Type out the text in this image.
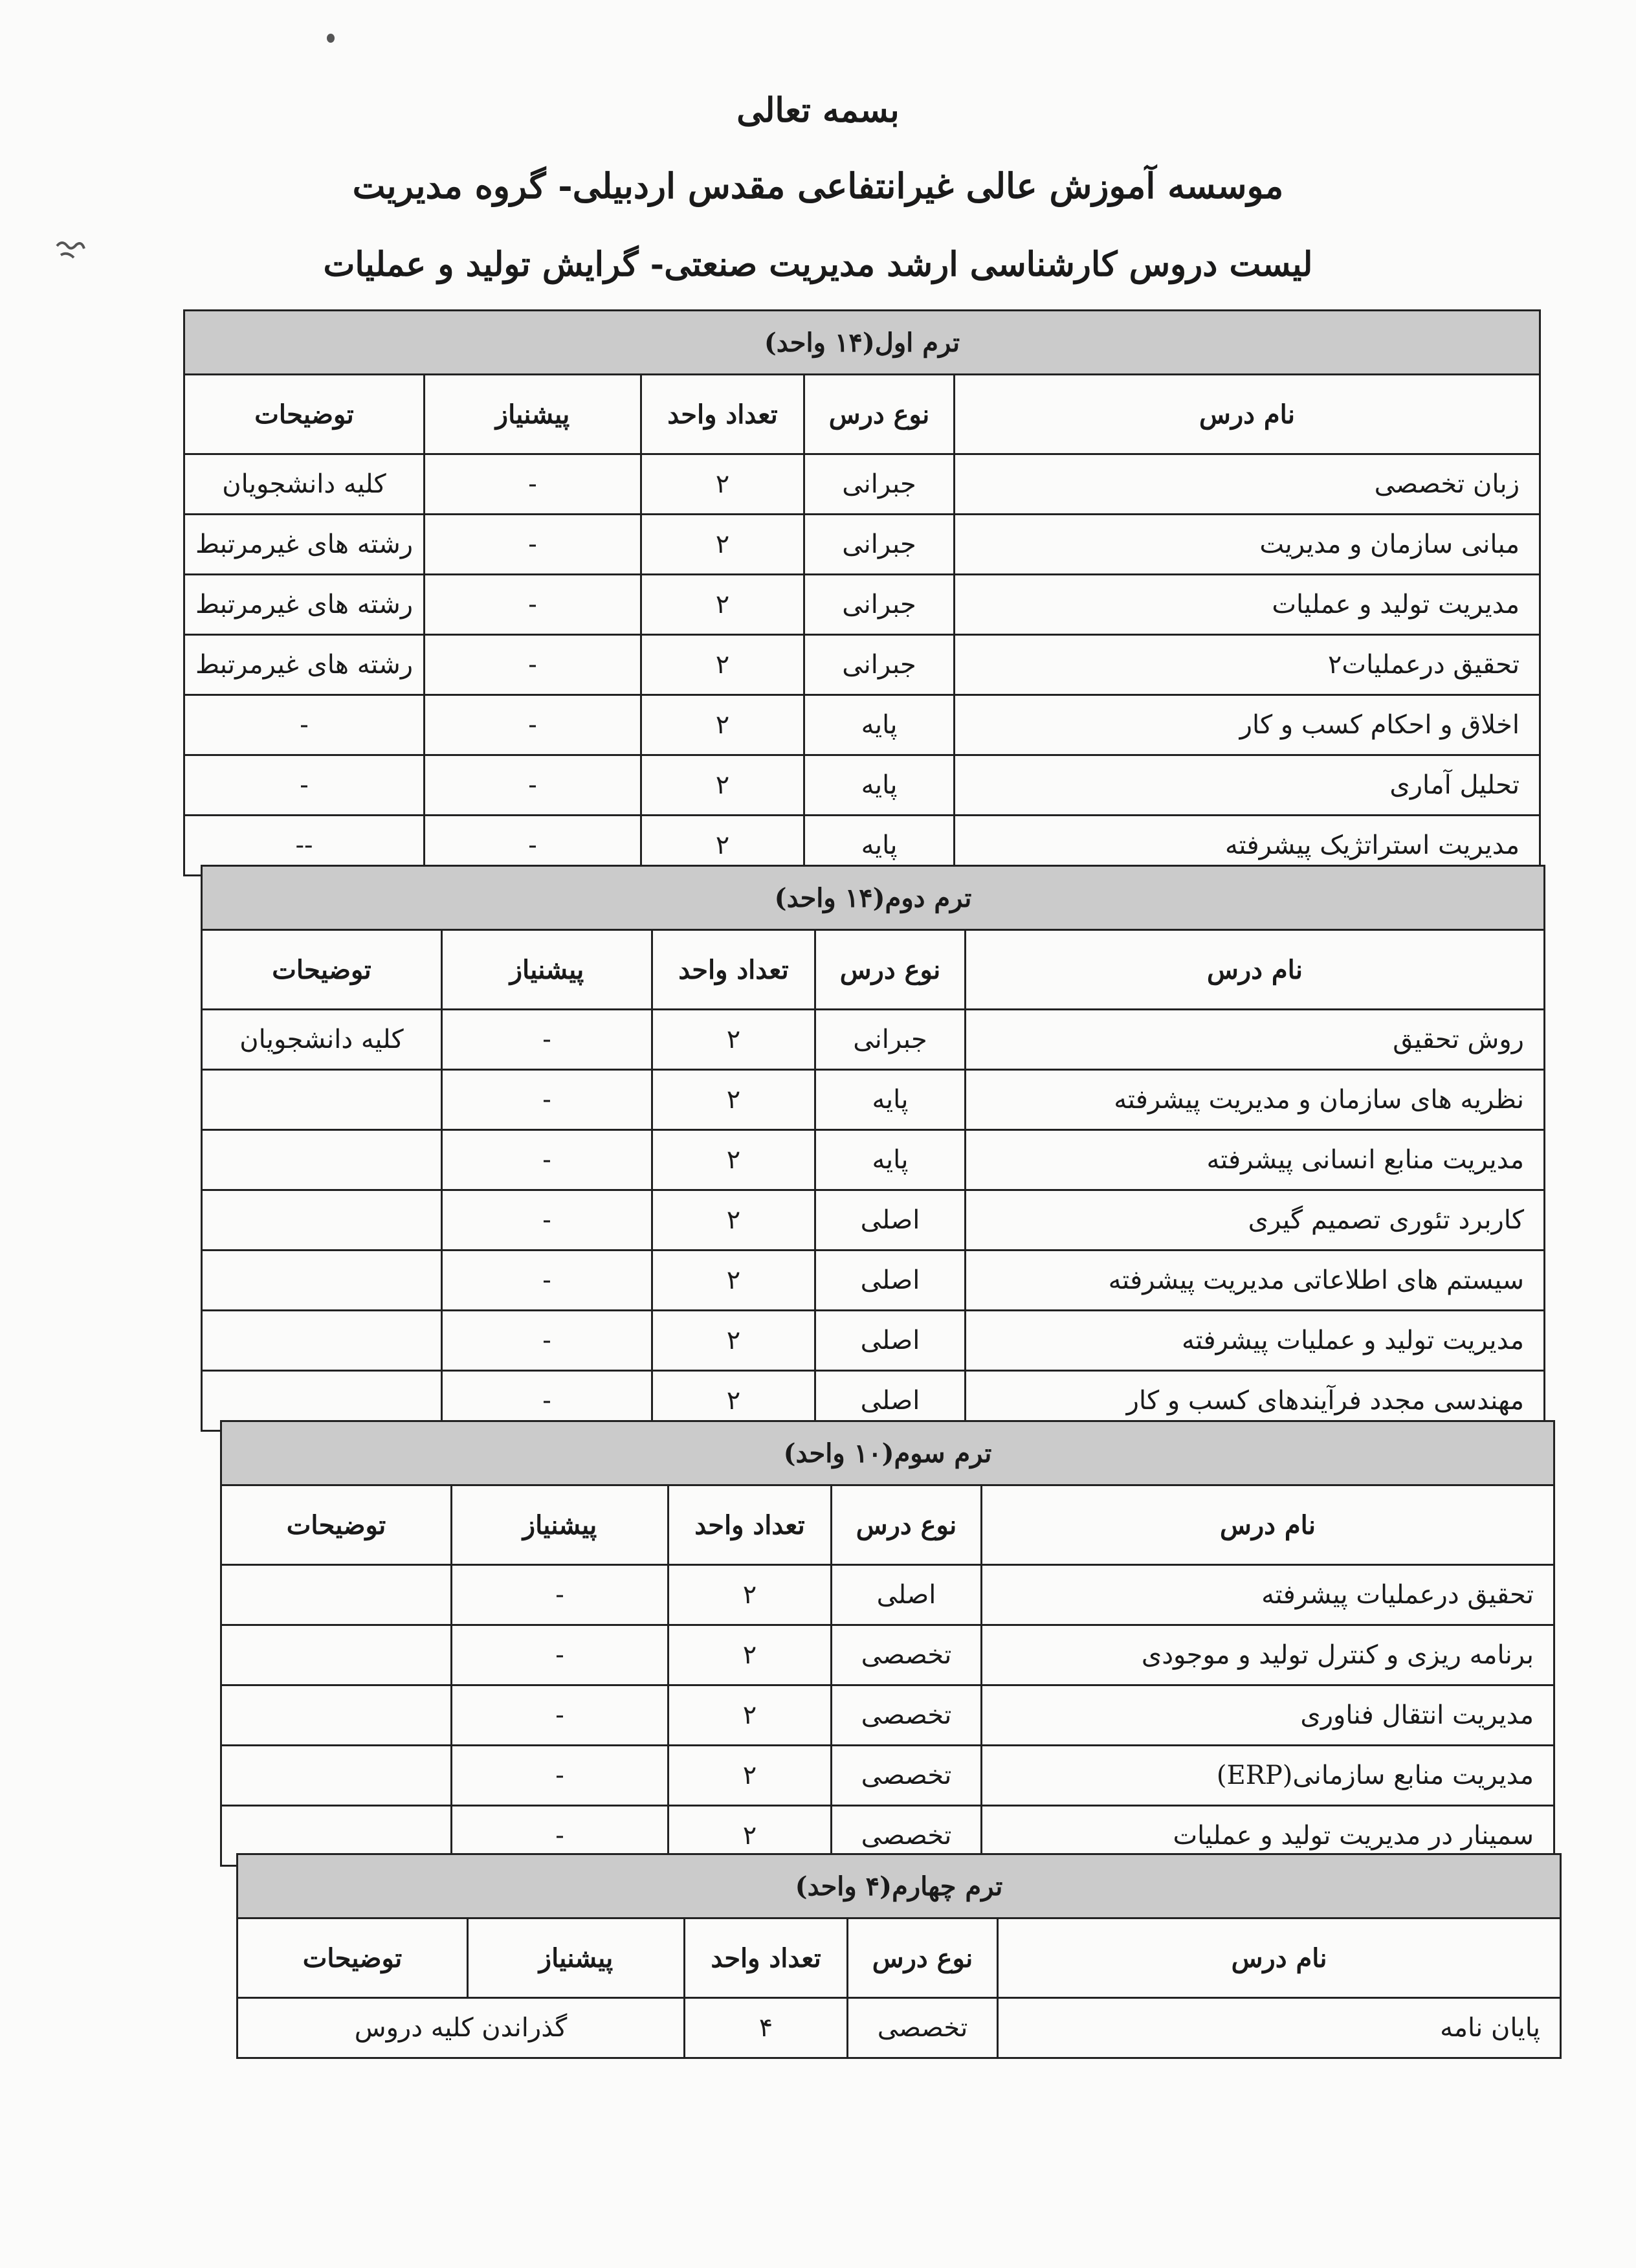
بسمه تعالی
موسسه آموزش عالی غیرانتفاعی مقدس اردبیلی- گروه مدیریت
لیست دروس کارشناسی ارشد مدیریت صنعتی- گرایش تولید و عملیات
ترم اول(۱۴ واحد)				
نام درس	نوع درس	تعداد واحد	پیشنیاز	توضیحات
زبان تخصصی	جبرانی	۲	-	کلیه دانشجویان
مبانی سازمان و مدیریت	جبرانی	۲	-	رشته های غیرمرتبط
مدیریت تولید و عملیات	جبرانی	۲	-	رشته های غیرمرتبط
تحقیق درعملیات۲	جبرانی	۲	-	رشته های غیرمرتبط
اخلاق و احکام کسب و کار	پایه	۲	-	-
تحلیل آماری	پایه	۲	-	-
مدیریت استراتژیک پیشرفته	پایه	۲	-	--
ترم دوم(۱۴ واحد)				
نام درس	نوع درس	تعداد واحد	پیشنیاز	توضیحات
روش تحقیق	جبرانی	۲	-	کلیه دانشجویان
نظریه های سازمان و مدیریت پیشرفته	پایه	۲	-	
مدیریت منابع انسانی پیشرفته	پایه	۲	-	
کاربرد تئوری تصمیم گیری	اصلی	۲	-	
سیستم های اطلاعاتی مدیریت پیشرفته	اصلی	۲	-	
مدیریت تولید و عملیات پیشرفته	اصلی	۲	-	
مهندسی مجدد فرآیندهای کسب و کار	اصلی	۲	-	
ترم سوم(۱۰ واحد)				
نام درس	نوع درس	تعداد واحد	پیشنیاز	توضیحات
تحقیق درعملیات پیشرفته	اصلی	۲	-	
برنامه ریزی و کنترل تولید و موجودی	تخصصی	۲	-	
مدیریت انتقال فناوری	تخصصی	۲	-	
مدیریت منابع سازمانی(ERP)	تخصصی	۲	-	
سمینار در مدیریت تولید و عملیات	تخصصی	۲	-	
ترم چهارم(۴ واحد)				
نام درس	نوع درس	تعداد واحد	پیشنیاز	توضیحات
پایان نامه	تخصصی	۴	گذراندن کلیه دروس	
